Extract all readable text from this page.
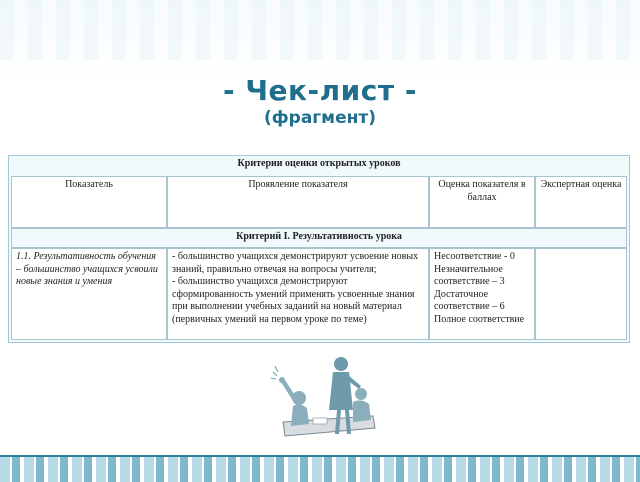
- Чек-лист -
(фрагмент)
Критерии оценки открытых уроков
Показатель	Проявление показателя	Оценка показателя в баллах
Экспертная оценка
Критерий I. Результативность урока
1.1. Результативность обучения – большинство учащихся усвоили новые знания и умения
- большинство учащихся демонстрируют усвоение новых знаний, правильно отвечая на вопросы учителя;
- большинство учащихся демонстрируют сформированность умений применять усвоенные знания при выполнении учебных заданий на новый материал (первичных умений на первом уроке по теме)
Несоответствие - 0
Незначительное соответствие – 3
Достаточное соответствие – 6
Полное соответствие
